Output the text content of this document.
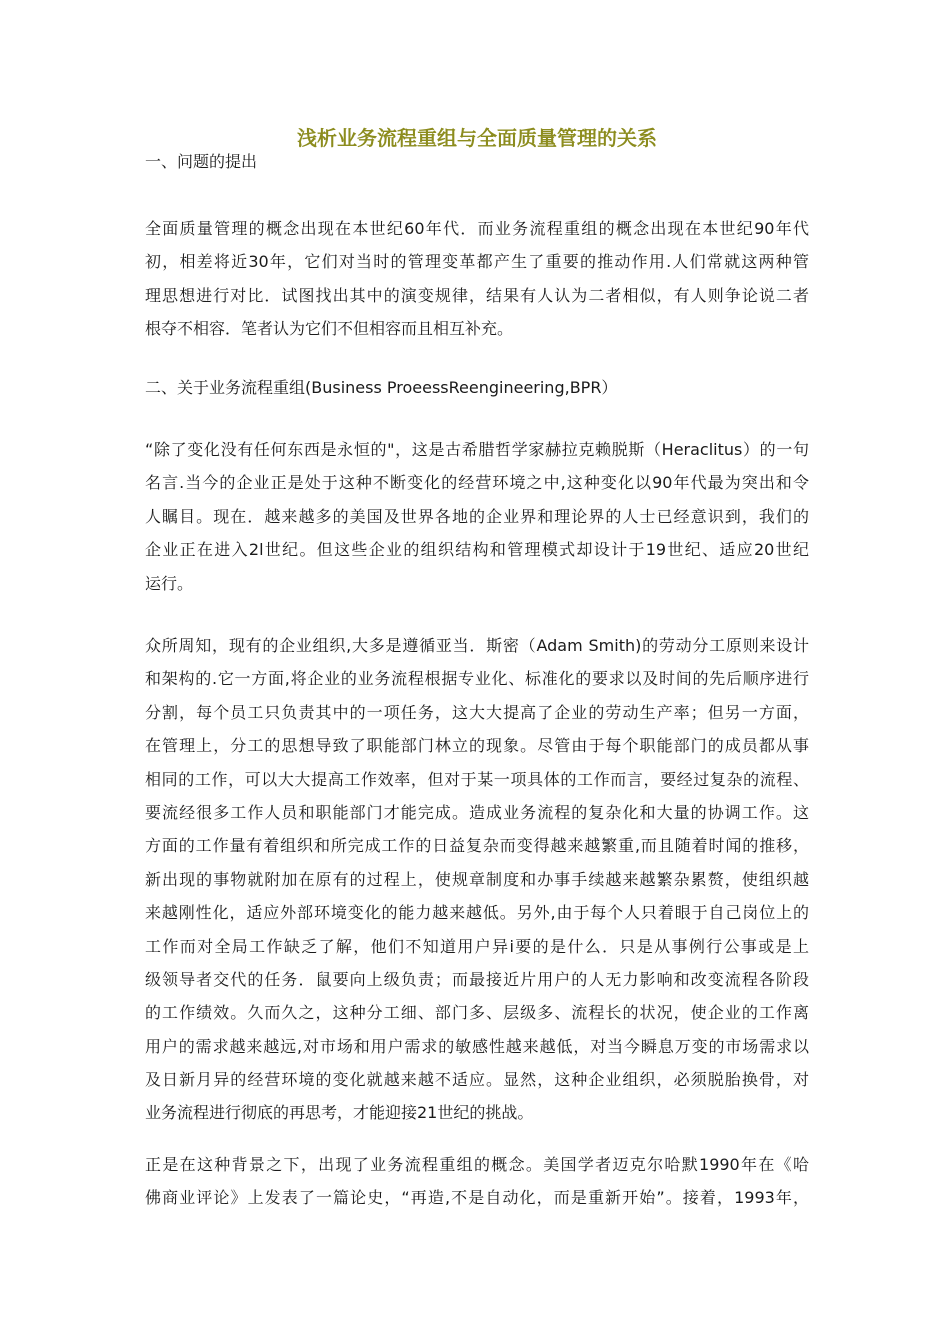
浅析业务流程重组与全面质量管理的关系

一、问题的提出

全面质量管理的概念出现在本世纪60年代．而业务流程重组的概念出现在本世纪90年代
初，相差将近30年，它们对当时的管理变革都产生了重要的推动作用.人们常就这两种管
理思想进行对比．试图找出其中的演变规律，结果有人认为二者相似，有人则争论说二者
根夺不相容．笔者认为它们不但相容而且相互补充。

二、关于业务流程重组(Business ProeessReengineering,BPR）

“除了变化没有任何东西是永恒的"，这是古希腊哲学家赫拉克赖脱斯（Heraclitus）的一句
名言.当今的企业正是处于这种不断变化的经营环境之中,这种变化以90年代最为突出和令
人瞩目。现在．越来越多的美国及世界各地的企业界和理论界的人士已经意识到，我们的
企业正在进入2l世纪。但这些企业的组织结构和管理模式却设计于19世纪、适应20世纪
运行。
众所周知，现有的企业组织,大多是遵循亚当．斯密（Adam Smith)的劳动分工原则来设计
和架构的.它一方面,将企业的业务流程根据专业化、标准化的要求以及时间的先后顺序进行
分割，每个员工只负责其中的一项任务，这大大提高了企业的劳动生产率；但另一方面，
在管理上，分工的思想导致了职能部门林立的现象。尽管由于每个职能部门的成员都从事
相同的工作，可以大大提高工作效率，但对于某一项具体的工作而言，要经过复杂的流程、
要流经很多工作人员和职能部门才能完成。造成业务流程的复杂化和大量的协调工作。这
方面的工作量有着组织和所完成工作的日益复杂而变得越来越繁重,而且随着时闻的推移，
新出现的事物就附加在原有的过程上，使规章制度和办事手续越来越繁杂累赘，使组织越
来越刚性化，适应外部环境变化的能力越来越低。另外,由于每个人只着眼于自己岗位上的
工作而对全局工作缺乏了解，他们不知道用户异i要的是什么．只是从事例行公事或是上
级领导者交代的任务．鼠要向上级负责；而最接近片用户的人无力影响和改变流程各阶段
的工作绩效。久而久之，这种分工细、部门多、层级多、流程长的状况，使企业的工作离
用户的需求越来越远,对市场和用户需求的敏感性越来越低，对当今瞬息万变的市场需求以
及日新月异的经营环境的变化就越来越不适应。显然，这种企业组织，必须脱胎换骨，对
业务流程进行彻底的再思考，才能迎接21世纪的挑战。
正是在这种背景之下，出现了业务流程重组的概念。美国学者迈克尔哈默1990年在《哈
佛商业评论》上发表了一篇论史，“再造,不是自动化，而是重新开始”。接着，1993年，
